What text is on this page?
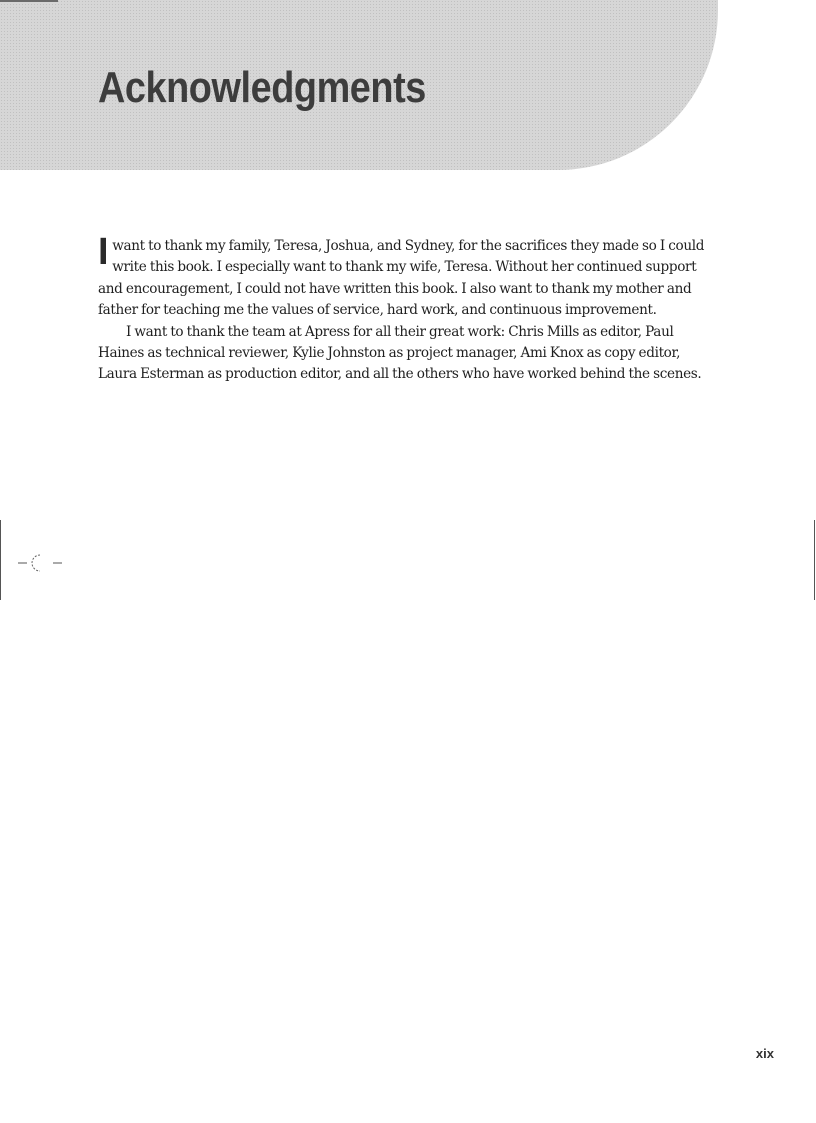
Acknowledgments

Iwant to thank my family, Teresa, Joshua, and Sydney, for the sacrifices they made so I could write this book. I especially want to thank my wife, Teresa. Without her continued support and encouragement, I could not have written this book. I also want to thank my mother and father for teaching me the values of service, hard work, and continuous improvement.

I want to thank the team at Apress for all their great work: Chris Mills as editor, Paul Haines as technical reviewer, Kylie Johnston as project manager, Ami Knox as copy editor, Laura Esterman as production editor, and all the others who have worked behind the scenes.

xix
